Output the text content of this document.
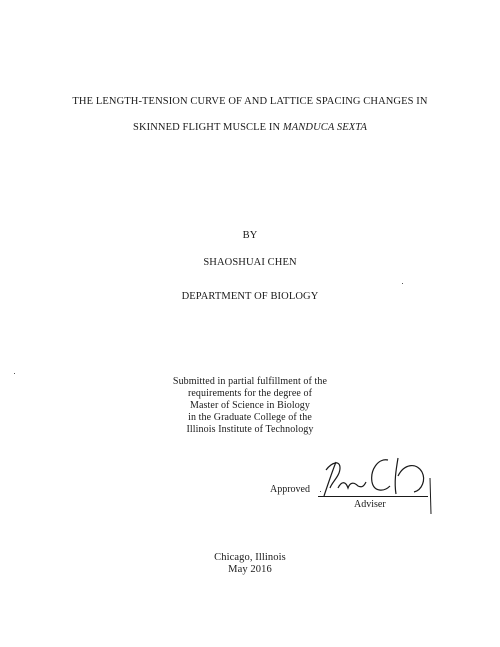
THE LENGTH-TENSION CURVE OF AND LATTICE SPACING CHANGES IN
SKINNED FLIGHT MUSCLE IN MANDUCA SEXTA
BY
SHAOSHUAI CHEN
DEPARTMENT OF BIOLOGY
Submitted in partial fulfillment of the
requirements for the degree of
Master of Science in Biology
in the Graduate College of the
Illinois Institute of Technology
Approved
Adviser
Chicago, Illinois
May 2016
